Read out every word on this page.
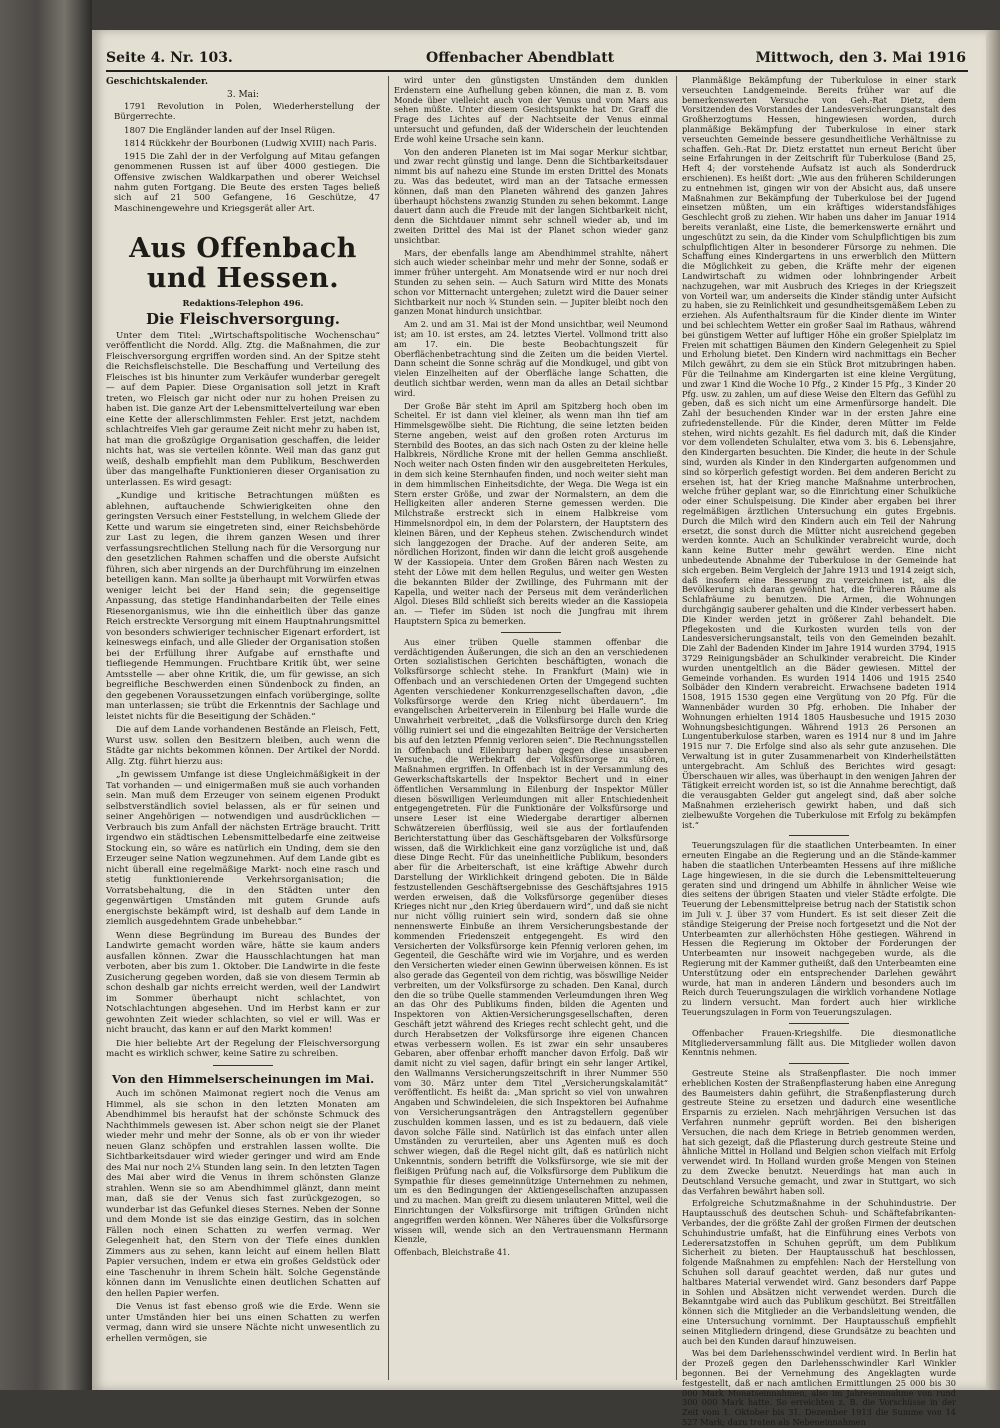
Seite 4. Nr. 103.	Offenbacher Abendblatt	Mittwoch, den 3. Mai 1916
Geschichtskalender.
3. Mai:

1791 Revolution in Polen, Wiederherstellung der Bürgerrechte.

1807 Die Engländer landen auf der Insel Rügen.

1814 Rückkehr der Bourbonen (Ludwig XVIII) nach Paris.

1915 Die Zahl der in der Verfolgung auf Mitau gefangen genommenen Russen ist auf über 4000 gestiegen. Die Offensive zwischen Waldkarpathen und oberer Weichsel nahm guten Fortgang. Die Beute des ersten Tages beließ sich auf 21 500 Gefangene, 16 Geschütze, 47 Maschinengewehre und Kriegsgerät aller Art.

Aus Offenbach und Hessen.
Redaktions-Telephon 496.
Die Fleischversorgung.

Unter dem Titel: „Wirtschaftspolitische Wochenschau“ veröffentlicht die Nordd. Allg. Ztg. die Maßnahmen, die zur Fleischversorgung ergriffen worden sind. An der Spitze steht die Reichsfleischstelle. Die Beschaffung und Verteilung des Fleisches ist bis hinunter zum Verkäufer wunderbar geregelt — auf dem Papier. Diese Organisation soll jetzt in Kraft treten, wo Fleisch gar nicht oder nur zu hohen Preisen zu haben ist. Die ganze Art der Lebensmittelverteilung war eben eine Kette der allerschlimmsten Fehler. Erst jetzt, nachdem schlachtreifes Vieh gar geraume Zeit nicht mehr zu haben ist, hat man die großzügige Organisation geschaffen, die leider nichts hat, was sie verteilen könnte. Weil man das ganz gut weiß, deshalb empfiehlt man dem Publikum, Beschwerden über das mangelhafte Funktionieren dieser Organisation zu unterlassen. Es wird gesagt:

„Kundige und kritische Betrachtungen müßten es ablehnen, auftauchende Schwierigkeiten ohne den geringsten Versuch einer Feststellung, in welchem Gliede der Kette und warum sie eingetreten sind, einer Reichsbehörde zur Last zu legen, die ihrem ganzen Wesen und ihrer verfassungsrechtlichen Stellung nach für die Versorgung nur den gesetzlichen Rahmen schaffen und die oberste Aufsicht führen, sich aber nirgends an der Durchführung im einzelnen beteiligen kann. Man sollte ja überhaupt mit Vorwürfen etwas weniger leicht bei der Hand sein; die gegenseitige Anpassung, das stetige Handinhandarbeiten der Teile eines Riesenorganismus, wie ihn die einheitlich über das ganze Reich erstreckte Versorgung mit einem Hauptnahrungsmittel von besonders schwieriger technischer Eigenart erfordert, ist keineswegs einfach, und alle Glieder der Organisation stoßen bei der Erfüllung ihrer Aufgabe auf ernsthafte und tiefliegende Hemmungen. Fruchtbare Kritik übt, wer seine Amtsstelle — aber ohne Kritik, die, um für gewisse, an sich begreifliche Beschwerden einen Sündenbock zu finden, an den gegebenen Voraussetzungen einfach vorüberginge, sollte man unterlassen; sie trübt die Erkenntnis der Sachlage und leistet nichts für die Beseitigung der Schäden.“

Die auf dem Lande vorhandenen Bestände an Fleisch, Fett, Wurst usw. sollen den Besitzern bleiben, auch wenn die Städte gar nichts bekommen können. Der Artikel der Nordd. Allg. Ztg. führt hierzu aus:

„In gewissem Umfange ist diese Ungleichmäßigkeit in der Tat vorhanden — und einigermaßen muß sie auch vorhanden sein. Man muß dem Erzeuger von seinem eigenen Produkt selbstverständlich soviel belassen, als er für seinen und seiner Angehörigen — notwendigen und ausdrücklichen — Verbrauch bis zum Anfall der nächsten Erträge braucht. Tritt irgendwo ein städtischen Lebensmittelbedarfe eine zeitweise Stockung ein, so wäre es natürlich ein Unding, dem sie den Erzeuger seine Nation wegzunehmen. Auf dem Lande gibt es nicht überall eine regelmäßige Markt- noch eine rasch und stetig funktionierende Verkehrsorganisation; die Vorratsbehaltung, die in den Städten unter den gegenwärtigen Umständen mit gutem Grunde aufs energischste bekämpft wird, ist deshalb auf dem Lande in ziemlich ausgedehntem Grade unbehebbar.“

Wenn diese Begründung im Bureau des Bundes der Landwirte gemacht worden wäre, hätte sie kaum anders ausfallen können. Zwar die Hausschlachtungen hat man verboten, aber bis zum 1. Oktober. Die Landwirte in die feste Zusicherung gegeben worden, daß sie von diesem Termin ab schon deshalb gar nichts erreicht werden, weil der Landwirt im Sommer überhaupt nicht schlachtet, von Notschlachtungen abgesehen. Und im Herbst kann er zur gewohnten Zeit wieder schlachten, so viel er will. Was er nicht braucht, das kann er auf den Markt kommen!

Die hier beliebte Art der Regelung der Fleischversorgung macht es wirklich schwer, keine Satire zu schreiben.

Von den Himmelserscheinungen im Mai.

Auch im schönen Maimonat regiert noch die Venus am Himmel, als sie schon in den letzten Monaten am Abendhimmel bis heraufst hat der schönste Schmuck des Nachthimmels gewesen ist. Aber schon neigt sie der Planet wieder mehr und mehr der Sonne, als ob er von ihr wieder neuen Glanz schöpfen und erstrahlen lassen wollte. Die Sichtbarkeitsdauer wird wieder geringer und wird am Ende des Mai nur noch 2¼ Stunden lang sein. In den letzten Tagen des Mai aber wird die Venus in ihrem schönsten Glanze strahlen. Wenn sie so am Abendhimmel glänzt, dann meint man, daß sie der Venus sich fast zurückgezogen, so wunderbar ist das Gefunkel dieses Sternes. Neben der Sonne und dem Monde ist sie das einzige Gestirn, das in solchen Fällen noch einen Schatten zu werfen vermag. Wer Gelegenheit hat, den Stern von der Tiefe eines dunklen Zimmers aus zu sehen, kann leicht auf einem hellen Blatt Papier versuchen, indem er etwa ein großes Geldstück oder eine Taschenuhr in ihrem Schein hält. Solche Gegenstände können dann im Venuslichte einen deutlichen Schatten auf den hellen Papier werfen.

Die Venus ist fast ebenso groß wie die Erde. Wenn sie unter Umständen hier bei uns einen Schatten zu werfen vermag, dann wird sie unsere Nächte nicht unwesentlich zu erhellen vermögen, sie

wird unter den günstigsten Umständen dem dunklen Erdenstern eine Aufhellung geben können, die man z. B. vom Monde über vielleicht auch von der Venus und vom Mars aus sehen müßte. Unter diesem Gesichtspunkte hat Dr. Graff die Frage des Lichtes auf der Nachtseite der Venus einmal untersucht und gefunden, daß der Widerschein der leuchtenden Erde wohl keine Ursache sein kann.

Von den anderen Planeten ist im Mai sogar Merkur sichtbar, und zwar recht günstig und lange. Denn die Sichtbarkeitsdauer nimmt bis auf nahezu eine Stunde im ersten Drittel des Monats zu. Was das bedeutet, wird man an der Tatsache ermessen können, daß man den Planeten während des ganzen Jahres überhaupt höchstens zwanzig Stunden zu sehen bekommt. Lange dauert dann auch die Freude mit der langen Sichtbarkeit nicht, denn die Sichtdauer nimmt sehr schnell wieder ab, und im zweiten Drittel des Mai ist der Planet schon wieder ganz unsichtbar.

Mars, der ebenfalls lange am Abendhimmel strahlte, nähert sich auch wieder scheinbar mehr und mehr der Sonne, sodaß er immer früher untergeht. Am Monatsende wird er nur noch drei Stunden zu sehen sein. — Auch Saturn wird Mitte des Monats schon vor Mitternacht untergehen; zuletzt wird die Dauer seiner Sichtbarkeit nur noch ¾ Stunden sein. — Jupiter bleibt noch den ganzen Monat hindurch unsichtbar.

Am 2. und am 31. Mai ist der Mond unsichtbar, weil Neumond ist; am 10. ist erstes, am 24. letztes Viertel. Vollmond tritt also am 17. ein. Die beste Beobachtungszeit für Oberflächenbetrachtung sind die Zeiten um die beiden Viertel. Dann scheint die Sonne schräg auf die Mondkugel, und gibt von vielen Einzelheiten auf der Oberfläche lange Schatten, die deutlich sichtbar werden, wenn man da alles an Detail sichtbar wird.

Der Große Bär steht im April am Spitzberg hoch oben im Scheitel. Er ist dann viel kleiner, als wenn man ihn tief am Himmelsgewölbe sieht. Die Richtung, die seine letzten beiden Sterne angeben, weist auf den großen roten Arcturus im Sternbild des Bootes, an das sich nach Osten zu der kleine helle Halbkreis, Nördliche Krone mit der hellen Gemma anschließt. Noch weiter nach Osten finden wir den ausgebreiteten Herkules, in dem sich keine Sternhaufen finden, und noch weiter sieht man in dem himmlischen Einheitsdichte, der Wega. Die Wega ist ein Stern erster Größe, und zwar der Normalstern, an dem die Helligkeiten aller anderen Sterne gemessen werden. Die Milchstraße erstreckt sich in einem Halbkreise vom Himmelsnordpol ein, in dem der Polarstern, der Hauptstern des kleinen Bären, und der Kepheus stehen. Zwischendurch windet sich langgezogen der Drache. Auf der anderen Seite, am nördlichen Horizont, finden wir dann die leicht groß ausgehende W der Kassiopeia. Unter dem Großen Bären nach Westen zu steht der Löwe mit dem hellen Regulus, und weiter gen Westen die bekannten Bilder der Zwillinge, des Fuhrmann mit der Kapella, und weiter nach der Perseus mit dem veränderlichen Algol. Dieses Bild schließt sich bereits wieder an die Kassiopeia an. — Tiefer im Süden ist noch die Jungfrau mit ihrem Hauptstern Spica zu bemerken.

Aus einer trüben Quelle stammen offenbar die verdächtigenden Äußerungen, die sich an den an verschiedenen Orten sozialistischen Gerichten beschäftigten, wonach die Volksfürsorge schlecht stehe. In Frankfurt (Main) wie in Offenbach und an verschiedenen Orten der Umgegend suchten Agenten verschiedener Konkurrenzgesellschaften davon, „die Volksfürsorge werde den Krieg nicht überdauern“. Im evangelischen Arbeiterverein in Eilenburg bei Halle wurde die Unwahrheit verbreitet, „daß die Volksfürsorge durch den Krieg völlig ruiniert sei und die eingezahlten Beiträge der Versicherten bis auf den letzten Pfennig verloren seien“. Die Rechnungsstellen in Offenbach und Eilenburg haben gegen diese unsauberen Versuche, die Werbekraft der Volksfürsorge zu stören, Maßnahmen ergriffen. In Offenbach ist in der Versammlung des Gewerkschaftskartells der Inspektor Bechert und in einer öffentlichen Versammlung in Eilenburg der Inspektor Müller diesen böswilligen Verleumdungen mit aller Entschiedenheit entgegengetreten. Für die Funktionäre der Volksfürsorge und unsere Leser ist eine Wiedergabe derartiger albernen Schwätzereien überflüssig, weil sie aus der fortlaufenden Berichterstattung über das Geschäftsgebaren der Volksfürsorge wissen, daß die Wirklichkeit eine ganz vorzügliche ist und, daß diese Dinge Recht. Für das uneinheitliche Publikum, besonders aber für die Arbeiterschaft, ist eine kräftige Abwehr durch Darstellung der Wirklichkeit dringend geboten. Die in Bälde festzustellenden Geschäftsergebnisse des Geschäftsjahres 1915 werden erweisen, daß die Volksfürsorge gegenüber dieses Krieges nicht nur „den Krieg überdauern wird“, und daß sie nicht nur nicht völlig ruiniert sein wird, sondern daß sie ohne nennenswerte Einbuße an ihrem Versicherungsbestande der kommenden Friedenszeit entgegengeht. Es wird den Versicherten der Volksfürsorge kein Pfennig verloren gehen, im Gegenteil, die Geschäfte wird wie im Vorjahre, und es werden den Versicherten wieder einen Gewinn überweisen können. Es ist also gerade das Gegenteil von dem richtig, was böswillige Neider verbreiten, um der Volksfürsorge zu schaden. Den Kanal, durch den die so trübe Quelle stammenden Verleumdungen ihren Weg an das Ohr des Publikums finden, bilden die Agenten und Inspektoren von Aktien-Versicherungsgesellschaften, deren Geschäft jetzt während des Krieges recht schlecht geht, und die durch Herabsetzen der Volksfürsorge ihre eigenen Chancen etwas verbessern wollen. Es ist zwar ein sehr unsauberes Gebaren, aber offenbar erhofft mancher davon Erfolg. Daß wir damit nicht zu viel sagen, dafür bringt ein sehr langer Artikel, den Wallmanns Versicherungszeitschrift in ihrer Nummer 550 vom 30. März unter dem Titel „Versicherungskalamität“ veröffentlicht. Es heißt da: „Man spricht so viel von unwahren Angaben und Schwindeleien, die sich Inspektoren bei Aufnahme von Versicherungsanträgen den Antragstellern gegenüber zuschulden kommen lassen, und es ist zu bedauern, daß viele davon solche Fälle sind. Natürlich ist das einfach unter allen Umständen zu verurteilen, aber uns Agenten muß es doch schwer wiegen, daß die Regel nicht gilt, daß es natürlich nicht Unkenntnis, sondern betrifft die Volksfürsorge, wie sie mit der fleißigen Prüfung nach auf, die Volksfürsorge dem Publikum die Sympathie für dieses gemeinnützige Unternehmen zu nehmen, um es den Bedingungen der Aktiengesellschaften anzupassen und zu machen. Man greift zu diesem unlauteren Mittel, weil die Einrichtungen der Volksfürsorge mit triftigen Gründen nicht angegriffen werden können. Wer Näheres über die Volksfürsorge wissen will, wende sich an den Vertrauensmann Hermann Kienzle,

Offenbach, Bleichstraße 41.

Planmäßige Bekämpfung der Tuberkulose in einer stark verseuchten Landgemeinde. Bereits früher war auf die bemerkenswerten Versuche von Geh.-Rat Dietz, dem Vorsitzenden des Vorstandes der Landesversicherungsanstalt des Großherzogtums Hessen, hingewiesen worden, durch planmäßige Bekämpfung der Tuberkulose in einer stark verseuchten Gemeinde bessere gesundheitliche Verhältnisse zu schaffen. Geh.-Rat Dr. Dietz erstattet nun erneut Bericht über seine Erfahrungen in der Zeitschrift für Tuberkulose (Band 25, Heft 4; der vorstehende Aufsatz ist auch als Sonderdruck erschienen). Es heißt dort: „Wie aus den früheren Schilderungen zu entnehmen ist, gingen wir von der Absicht aus, daß unsere Maßnahmen zur Bekämpfung der Tuberkulose bei der Jugend einsetzen müßten, um ein kräftiges widerstandsfähiges Geschlecht groß zu ziehen. Wir haben uns daher im Januar 1914 bereits veranlaßt, eine Liste, die bemerkenswerte ernährt und ungeschützt zu sein, da die Kinder vom Schulpflichtigen bis zum schulpflichtigen Alter in besonderer Fürsorge zu nehmen. Die Schaffung eines Kindergartens in uns erwerblich den Müttern die Möglichkeit zu geben, die Kräfte mehr der eigenen Landwirtschaft zu widmen oder lohnbringender Arbeit nachzugehen, war mit Ausbruch des Krieges in der Kriegszeit von Vorteil war, um anderseits die Kinder ständig unter Aufsicht zu haben, sie zu Reinlichkeit und gesundheitsgemäßem Leben zu erziehen. Als Aufenthaltsraum für die Kinder diente im Winter und bei schlechtem Wetter ein großer Saal im Rathaus, während bei günstigem Wetter auf luftiger Höhe ein großer Spielplatz im Freien mit schattigen Bäumen den Kindern Gelegenheit zu Spiel und Erholung bietet. Den Kindern wird nachmittags ein Becher Milch gewährt, zu dem sie ein Stück Brot mitzubringen haben. Für die Teilnahme am Kindergarten ist eine kleine Vergütung, und zwar 1 Kind die Woche 10 Pfg., 2 Kinder 15 Pfg., 3 Kinder 20 Pfg. usw. zu zahlen, um auf diese Weise den Eltern das Gefühl zu geben, daß es sich nicht um eine Armenfürsorge handelt. Die Zahl der besuchenden Kinder war in der ersten Jahre eine zufriedenstellende. Für die Kinder, deren Mütter im Felde stehen, wird nichts gezahlt. Es fiel dadurch mit, daß die Kinder vor dem vollendeten Schulalter, etwa vom 3. bis 6. Lebensjahre, den Kindergarten besuchten. Die Kinder, die heute in der Schule sind, wurden als Kinder in den Kindergarten aufgenommen und sind so körperlich gefestigt worden. Bei dem anderen Bericht zu ersehen ist, hat der Krieg manche Maßnahme unterbrochen, welche früher geplant war, so die Einrichtung einer Schulküche oder einer Schulspeisung. Die Kinder aber ergaben bei ihrer regelmäßigen ärztlichen Untersuchung ein gutes Ergebnis. Durch die Milch wird den Kindern auch ein Teil der Nahrung ersetzt, die sonst durch die Mütter nicht ausreichend gegeben werden konnte. Auch an Schulkinder verabreicht wurde, doch kann keine Butter mehr gewährt werden. Eine nicht unbedeutende Abnahme der Tuberkulose in der Gemeinde hat sich ergeben. Beim Vergleich der Jahre 1913 und 1914 zeigt sich, daß insofern eine Besserung zu verzeichnen ist, als die Bevölkerung sich daran gewöhnt hat, die früheren Räume als Schlafräume zu benutzen. Die Armen, die Wohnungen durchgängig sauberer gehalten und die Kinder verbessert haben. Die Kinder werden jetzt in größerer Zahl behandelt. Die Pflegekosten und die Kurkosten wurden teils von der Landesversicherungsanstalt, teils von den Gemeinden bezahlt. Die Zahl der Badenden Kinder im Jahre 1914 wurden 3794, 1915 3729 Reinigungsbäder an Schulkinder verabreicht. Die Kinder wurden unentgeltlich an die Bäder gewiesen. Mittel der Gemeinde vorhanden. Es wurden 1914 1406 und 1915 2540 Solbäder den Kindern verabreicht. Erwachsene badeten 1914 1508, 1915 1530 gegen eine Vergütung von 20 Pfg. Für die Wannenbäder wurden 30 Pfg. erhoben. Die Inhaber der Wohnungen erhielten 1914 1805 Hausbesuche und 1915 2030 Wohnungsbesichtigungen. Während 1913 26 Personen an Lungentuberkulose starben, waren es 1914 nur 8 und im Jahre 1915 nur 7. Die Erfolge sind also als sehr gute anzusehen. Die Verwaltung ist in guter Zusammenarbeit von Kinderheilstätten untergebracht. Am Schluß des Berichtes wird gesagt: Überschauen wir alles, was überhaupt in den wenigen Jahren der Tätigkeit erreicht worden ist, so ist die Annahme berechtigt, daß die verausgabten Gelder gut angelegt sind, daß aber solche Maßnahmen erzieherisch gewirkt haben, und daß sich zielbewußte Vorgehen die Tuberkulose mit Erfolg zu bekämpfen ist.“

Teuerungszulagen für die staatlichen Unterbeamten. In einer erneuten Eingabe an die Regierung und an die Stände-kammer haben die staatlichen Unterbeamten Hessens auf ihre mißliche Lage hingewiesen, in die sie durch die Lebensmittelteuerung geraten sind und dringend um Abhilfe in ähnlicher Weise wie dies seitens der übrigen Staaten und vieler Städte erfolgte. Die Teuerung der Lebensmittelpreise betrug nach der Statistik schon im Juli v. J. über 37 vom Hundert. Es ist seit dieser Zeit die ständige Steigerung der Preise noch fortgesetzt und die Not der Unterbeamten zur allerhöchsten Höhe gestiegen. Während in Hessen die Regierung im Oktober der Forderungen der Unterbeamten nur insoweit nachgegeben wurde, als die Regierung mit der Kammer gutheißt, daß den Unterbeamten eine Unterstützung oder ein entsprechender Darlehen gewährt wurde, hat man in anderen Ländern und besonders auch im Reich durch Teuerungszulagen die wirklich vorhandene Notlage zu lindern versucht. Man fordert auch hier wirkliche Teuerungszulagen in Form von Teuerungszulagen.

Offenbacher Frauen-Kriegshilfe. Die diesmonatliche Mitgliederversammlung fällt aus. Die Mitglieder wollen davon Kenntnis nehmen.

Gestreute Steine als Straßenpflaster. Die noch immer erheblichen Kosten der Straßenpflasterung haben eine Anregung des Baumeisters dahin geführt, die Straßenpflasterung durch gestreute Steine zu ersetzen und dadurch eine wesentliche Ersparnis zu erzielen. Nach mehrjährigen Versuchen ist das Verfahren nunmehr geprüft worden. Bei den bisherigen Versuchen, die nach dem Kriege in Betrieb genommen werden, hat sich gezeigt, daß die Pflasterung durch gestreute Steine und ähnliche Mittel in Holland und Belgien schon vielfach mit Erfolg verwendet wird. In Holland wurden große Mengen von Steinen zu dem Zwecke benutzt. Neuerdings hat man auch in Deutschland Versuche gemacht, und zwar in Stuttgart, wo sich das Verfahren bewährt haben soll.

Erfolgreiche Schutzmaßnahme in der Schuhindustrie. Der Hauptausschuß des deutschen Schuh- und Schäftefabrikanten-Verbandes, der die größte Zahl der großen Firmen der deutschen Schuhindustrie umfaßt, hat die Einführung eines Verbots von Lederersatzstoffen in Schuhen geprüft, um dem Publikum Sicherheit zu bieten. Der Hauptausschuß hat beschlossen, folgende Maßnahmen zu empfehlen: Nach der Herstellung von Schuhen soll darauf geachtet werden, daß nur gutes und haltbares Material verwendet wird. Ganz besonders darf Pappe in Sohlen und Absätzen nicht verwendet werden. Durch die Bekanntgabe wird auch das Publikum geschützt. Bei Streitfällen können sich die Mitglieder an die Verbandsleitung wenden, die eine Untersuchung vornimmt. Der Hauptausschuß empfiehlt seinen Mitgliedern dringend, diese Grundsätze zu beachten und auch bei den Kunden darauf hinzuweisen.

Was bei dem Darlehensschwindel verdient wird. In Berlin hat der Prozeß gegen den Darlehensschwindler Karl Winkler begonnen. Bei der Vernehmung des Angeklagten wurde festgestellt, daß er nach amtlichen Ermittlungen 25 000 bis 30 000 Mark Monatseinnahmen, also im Jahreseinnahme von rund 300 000 Mark hatte. So erreichten z. B. die Vorschüsse in der Zeit vom 1. Oktober bis 31. Dezember 1913 die Summe von 14 527 Mark; dazu traten als Nebeneinnahmen
